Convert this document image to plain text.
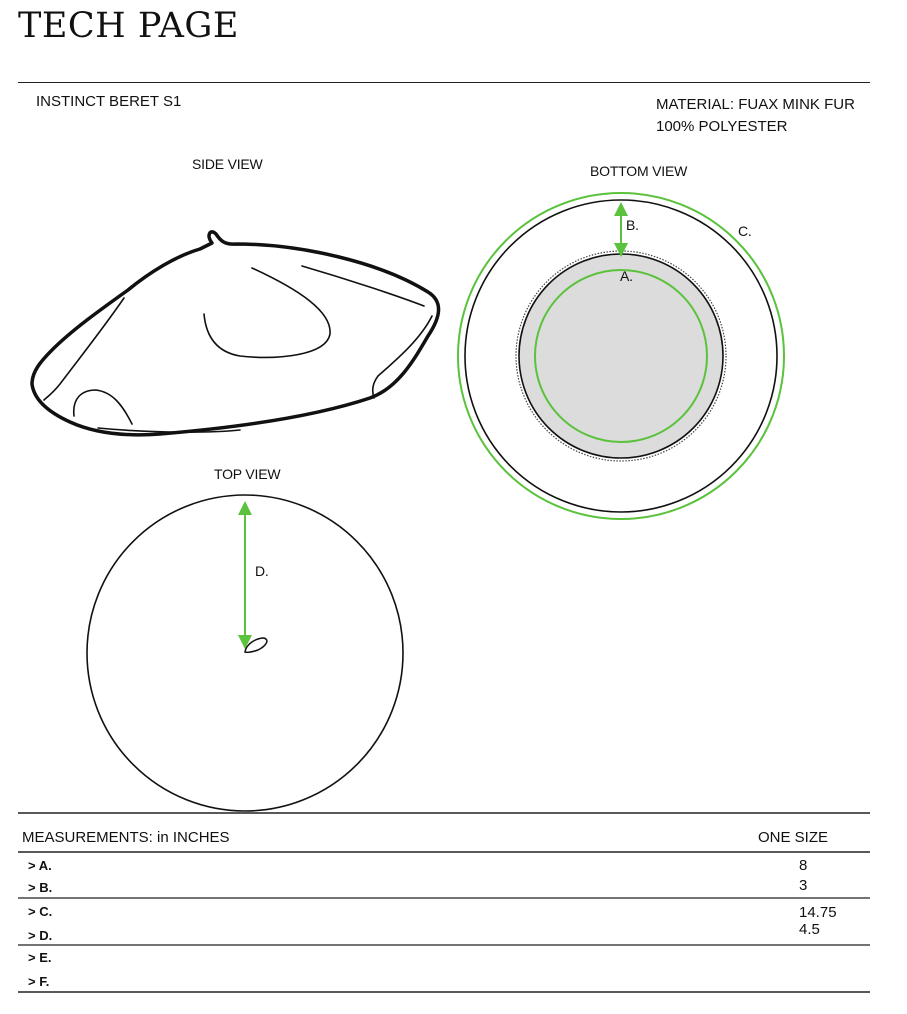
TECH PAGE
INSTINCT BERET S1	MATERIAL: FUAX MINK FUR
100% POLYESTER
SIDE VIEW	BOTTOM VIEW
TOP VIEW
B.
A.
C.
D.
MEASUREMENTS: in INCHES	ONE SIZE
> A.	8
> B.	3
> C.	14.75
> D.	4.5
> E.
> F.
